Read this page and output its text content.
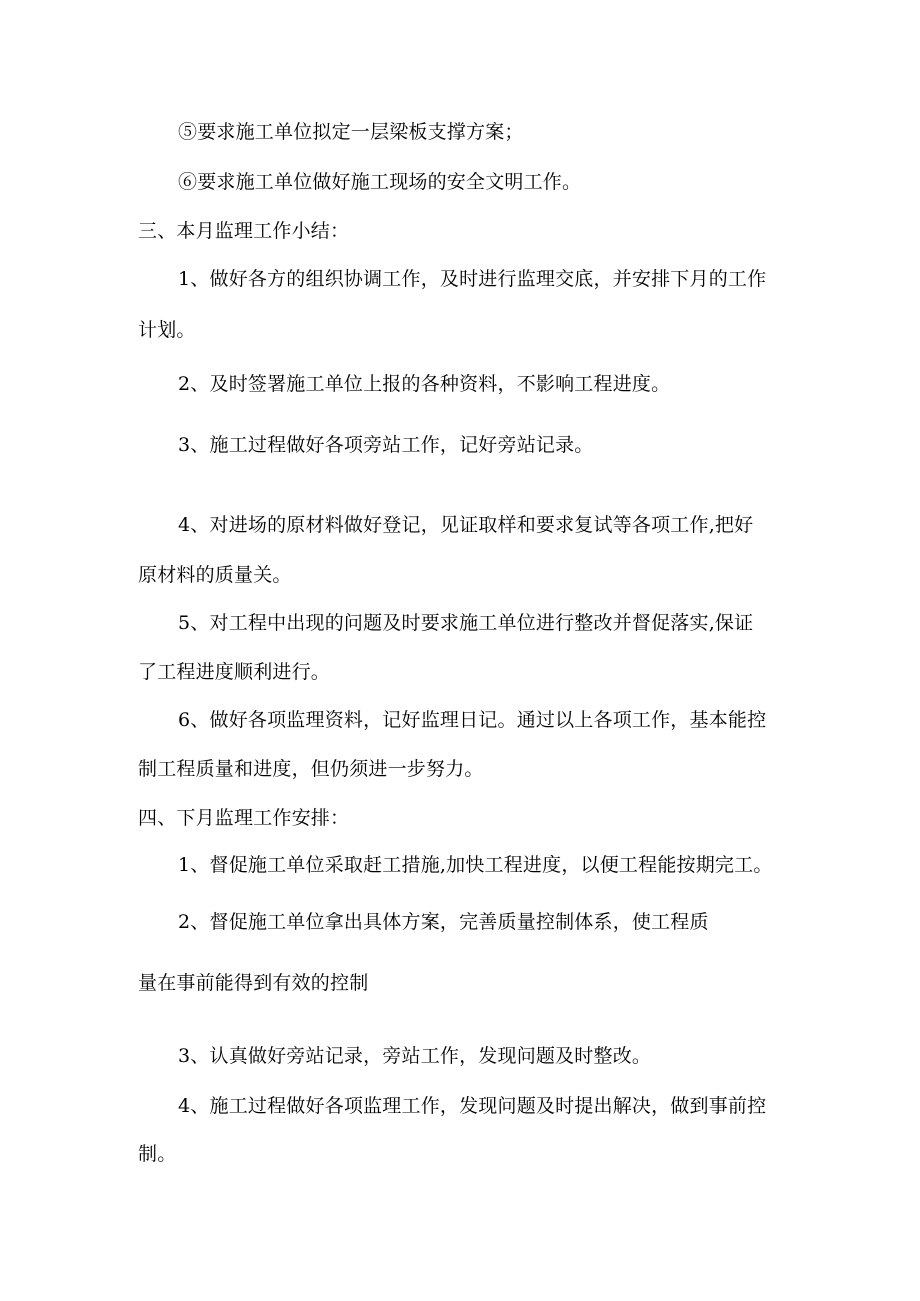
⑤要求施工单位拟定一层梁板支撑方案；
⑥要求施工单位做好施工现场的安全文明工作。
三、本月监理工作小结：
1、做好各方的组织协调工作，及时进行监理交底，并安排下月的工作
计划。
2、及时签署施工单位上报的各种资料，不影响工程进度。
3、施工过程做好各项旁站工作，记好旁站记录。
4、对进场的原材料做好登记，见证取样和要求复试等各项工作,把好
原材料的质量关。
5、对工程中出现的问题及时要求施工单位进行整改并督促落实,保证
了工程进度顺利进行。
6、做好各项监理资料，记好监理日记。通过以上各项工作，基本能控
制工程质量和进度，但仍须进一步努力。
四、下月监理工作安排：
1、督促施工单位采取赶工措施,加快工程进度，以便工程能按期完工。
2、督促施工单位拿出具体方案，完善质量控制体系，使工程质
量在事前能得到有效的控制
3、认真做好旁站记录，旁站工作，发现问题及时整改。
4、施工过程做好各项监理工作，发现问题及时提出解决，做到事前控
制。
